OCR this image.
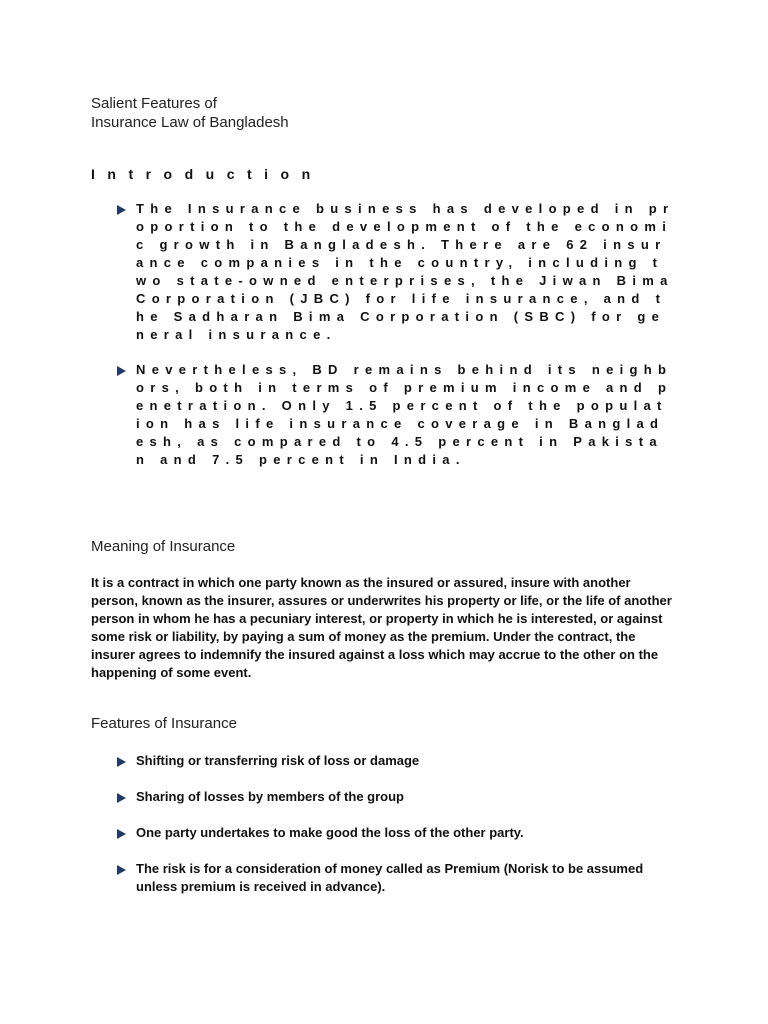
Salient Features of
Insurance Law of Bangladesh
Introduction
The Insurance business has developed in proportion to the development of the economic growth in Bangladesh. There are 62 insurance companies in the country, including two state-owned enterprises, the Jiwan Bima Corporation (JBC) for life insurance, and the Sadharan Bima Corporation (SBC) for general insurance.
Nevertheless, BD remains behind its neighbors, both in terms of premium income and penetration. Only 1.5 percent of the population has life insurance coverage in Bangladesh, as compared to 4.5 percent in Pakistan and 7.5 percent in India.
Meaning of Insurance
It is a contract in which one party known as the insured or assured, insure with another person, known as the insurer, assures or underwrites his property or life, or the life of another person in whom he has a pecuniary interest, or property in which he is interested, or against some risk or liability, by paying a sum of money as the premium. Under the contract, the insurer agrees to indemnify the insured against a loss which may accrue to the other on the happening of some event.
Features of Insurance
Shifting or transferring risk of loss or damage
Sharing of losses by members of the group
One party undertakes to make good the loss of the other party.
The risk is for a consideration of money called as Premium (Norisk to be assumed unless premium is received in advance).
